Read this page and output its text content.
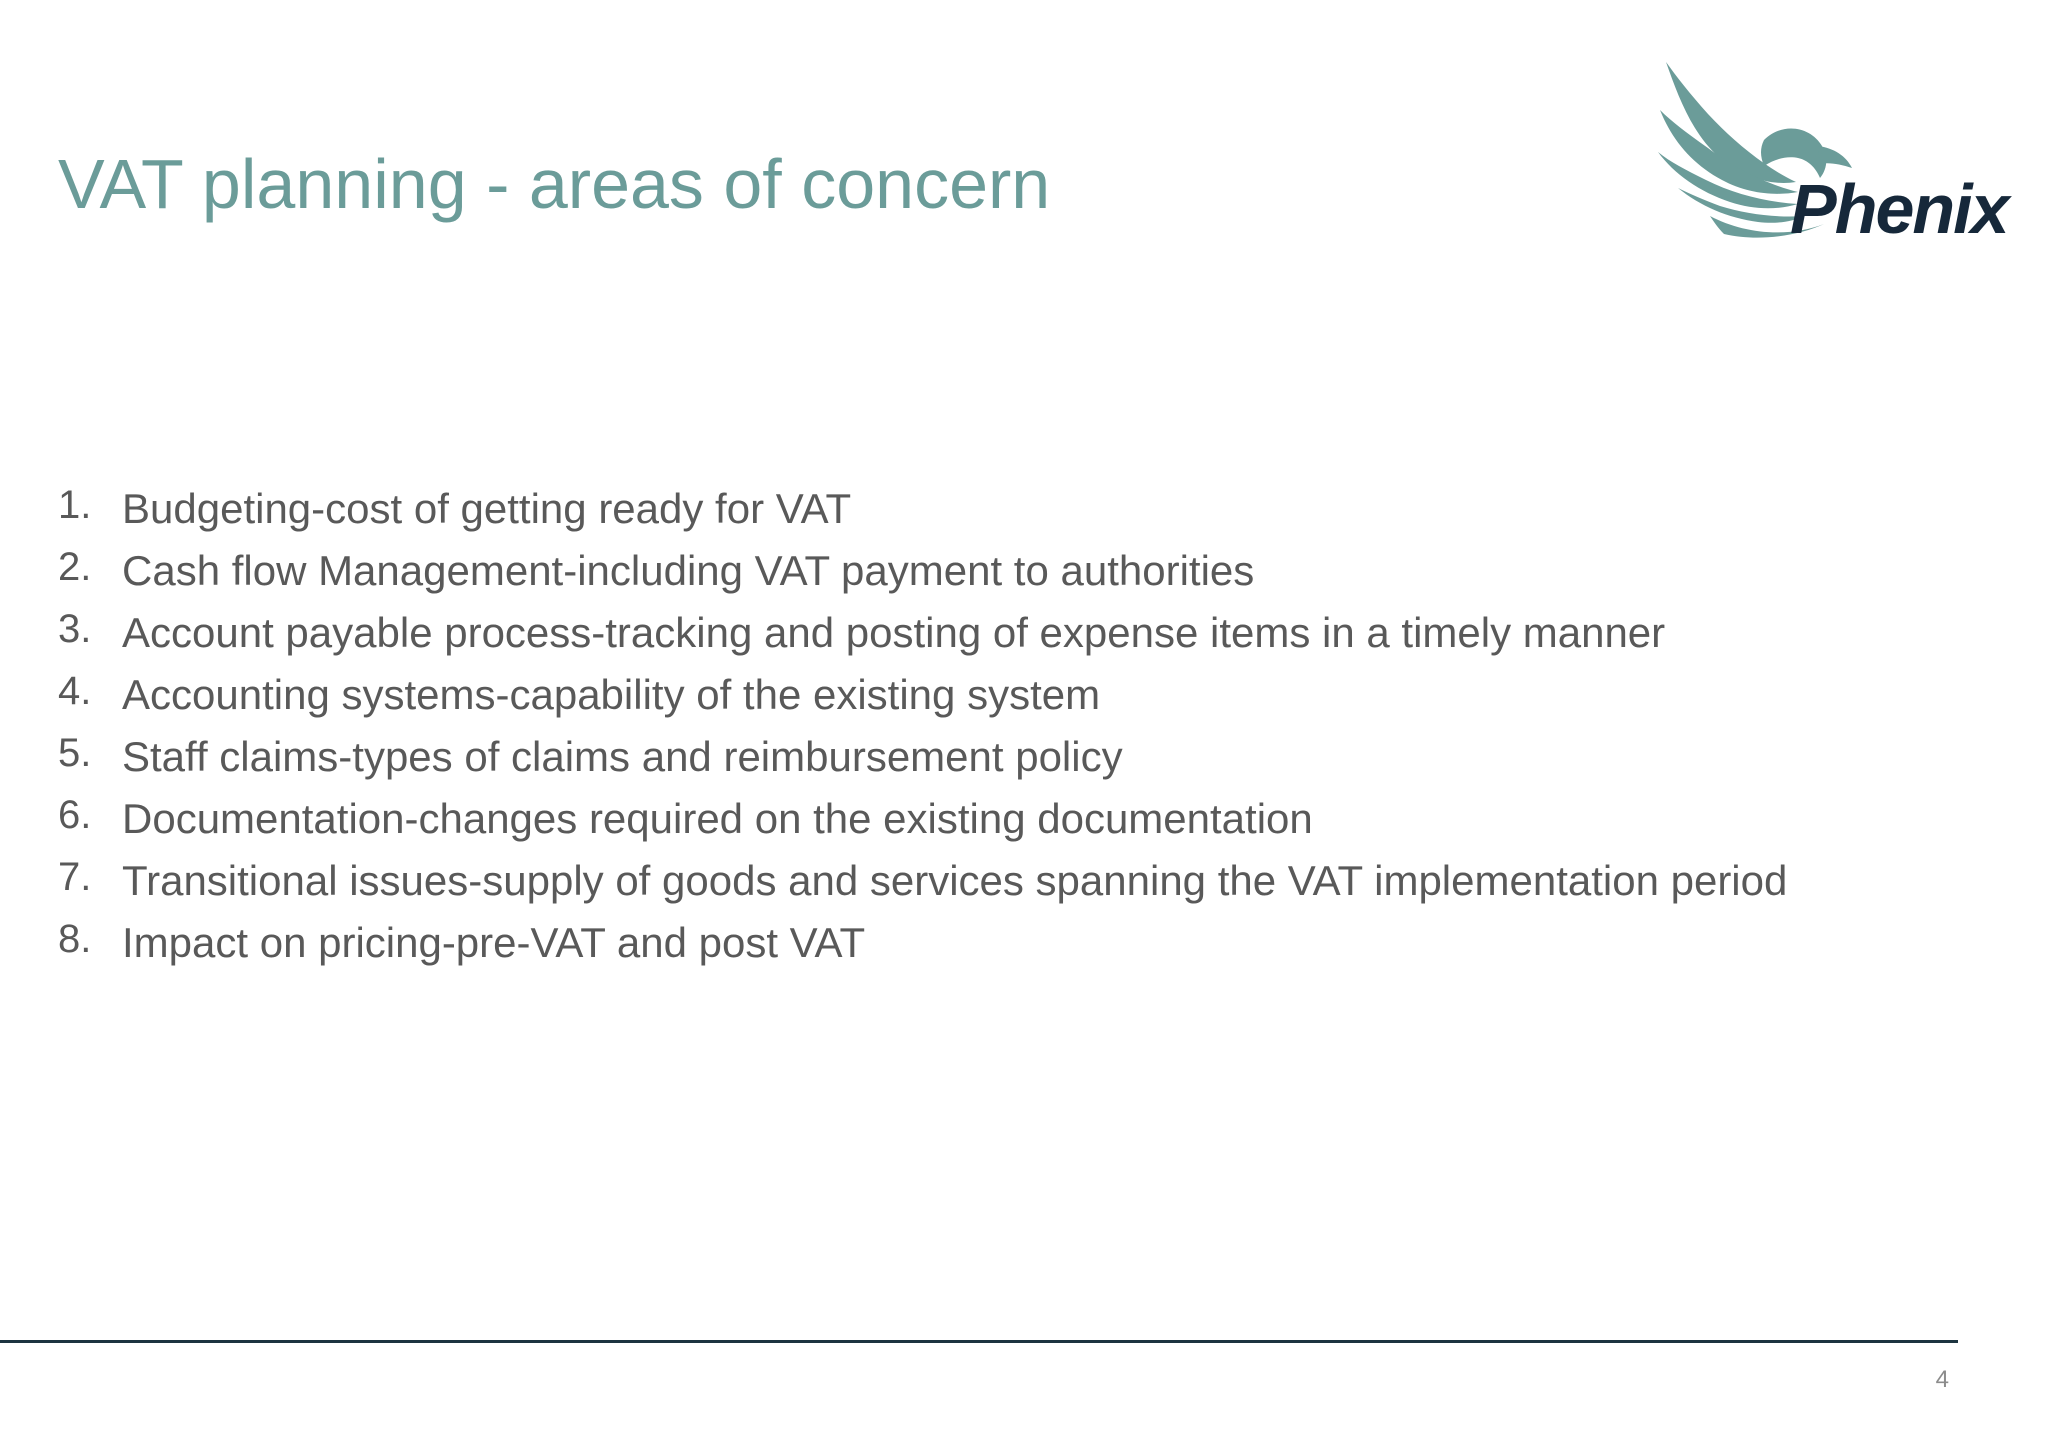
VAT planning - areas of concern	Phenix
1. Budgeting-cost of getting ready for VAT
2. Cash flow Management-including VAT payment to authorities
3. Account payable process-tracking and posting of expense items in a timely manner
4. Accounting systems-capability of the existing system
5. Staff claims-types of claims and reimbursement policy
6. Documentation-changes required on the existing documentation
7. Transitional issues-supply of goods and services spanning the VAT implementation period
8. Impact on pricing-pre-VAT and post VAT
4
